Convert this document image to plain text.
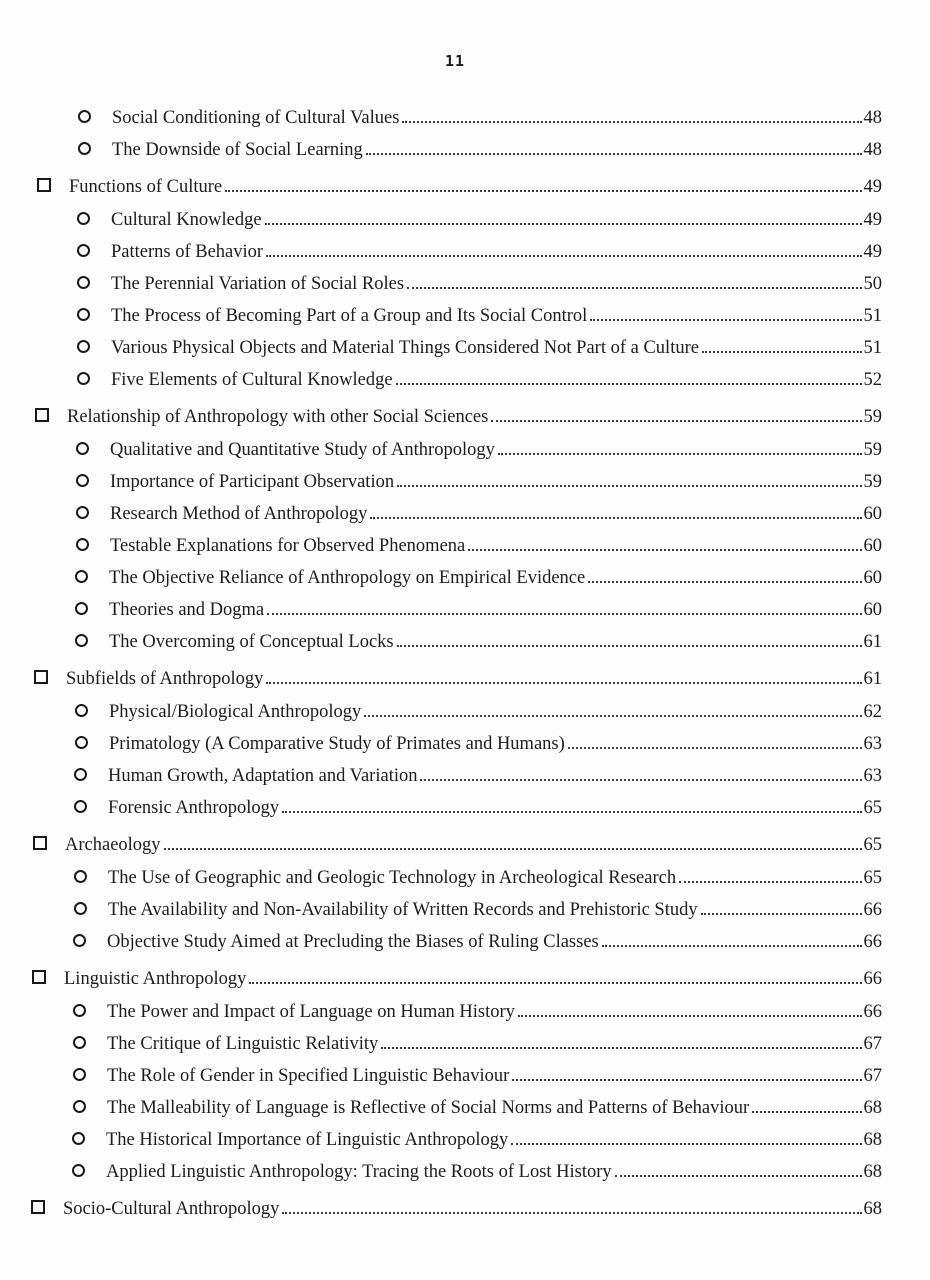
11
Social Conditioning of Cultural Values	48
The Downside of Social Learning	48
Functions of Culture	49
Cultural Knowledge	49
Patterns of Behavior	49
The Perennial Variation of Social Roles	50
The Process of Becoming Part of a Group and Its Social Control	51
Various Physical Objects and Material Things Considered Not Part of a Culture	51
Five Elements of Cultural Knowledge	52
Relationship of Anthropology with other Social Sciences	59
Qualitative and Quantitative Study of Anthropology	59
Importance of Participant Observation	59
Research Method of Anthropology	60
Testable Explanations for Observed Phenomena	60
The Objective Reliance of Anthropology on Empirical Evidence	60
Theories and Dogma	60
The Overcoming of Conceptual Locks	61
Subfields of Anthropology	61
Physical/Biological Anthropology	62
Primatology (A Comparative Study of Primates and Humans)	63
Human Growth, Adaptation and Variation	63
Forensic Anthropology	65
Archaeology	65
The Use of Geographic and Geologic Technology in Archeological Research	65
The Availability and Non-Availability of Written Records and Prehistoric Study	66
Objective Study Aimed at Precluding the Biases of Ruling Classes	66
Linguistic Anthropology	66
The Power and Impact of Language on Human History	66
The Critique of Linguistic Relativity	67
The Role of Gender in Specified Linguistic Behaviour	67
The Malleability of Language is Reflective of Social Norms and Patterns of Behaviour	68
The Historical Importance of Linguistic Anthropology	68
Applied Linguistic Anthropology: Tracing the Roots of Lost History	68
Socio-Cultural Anthropology	68
